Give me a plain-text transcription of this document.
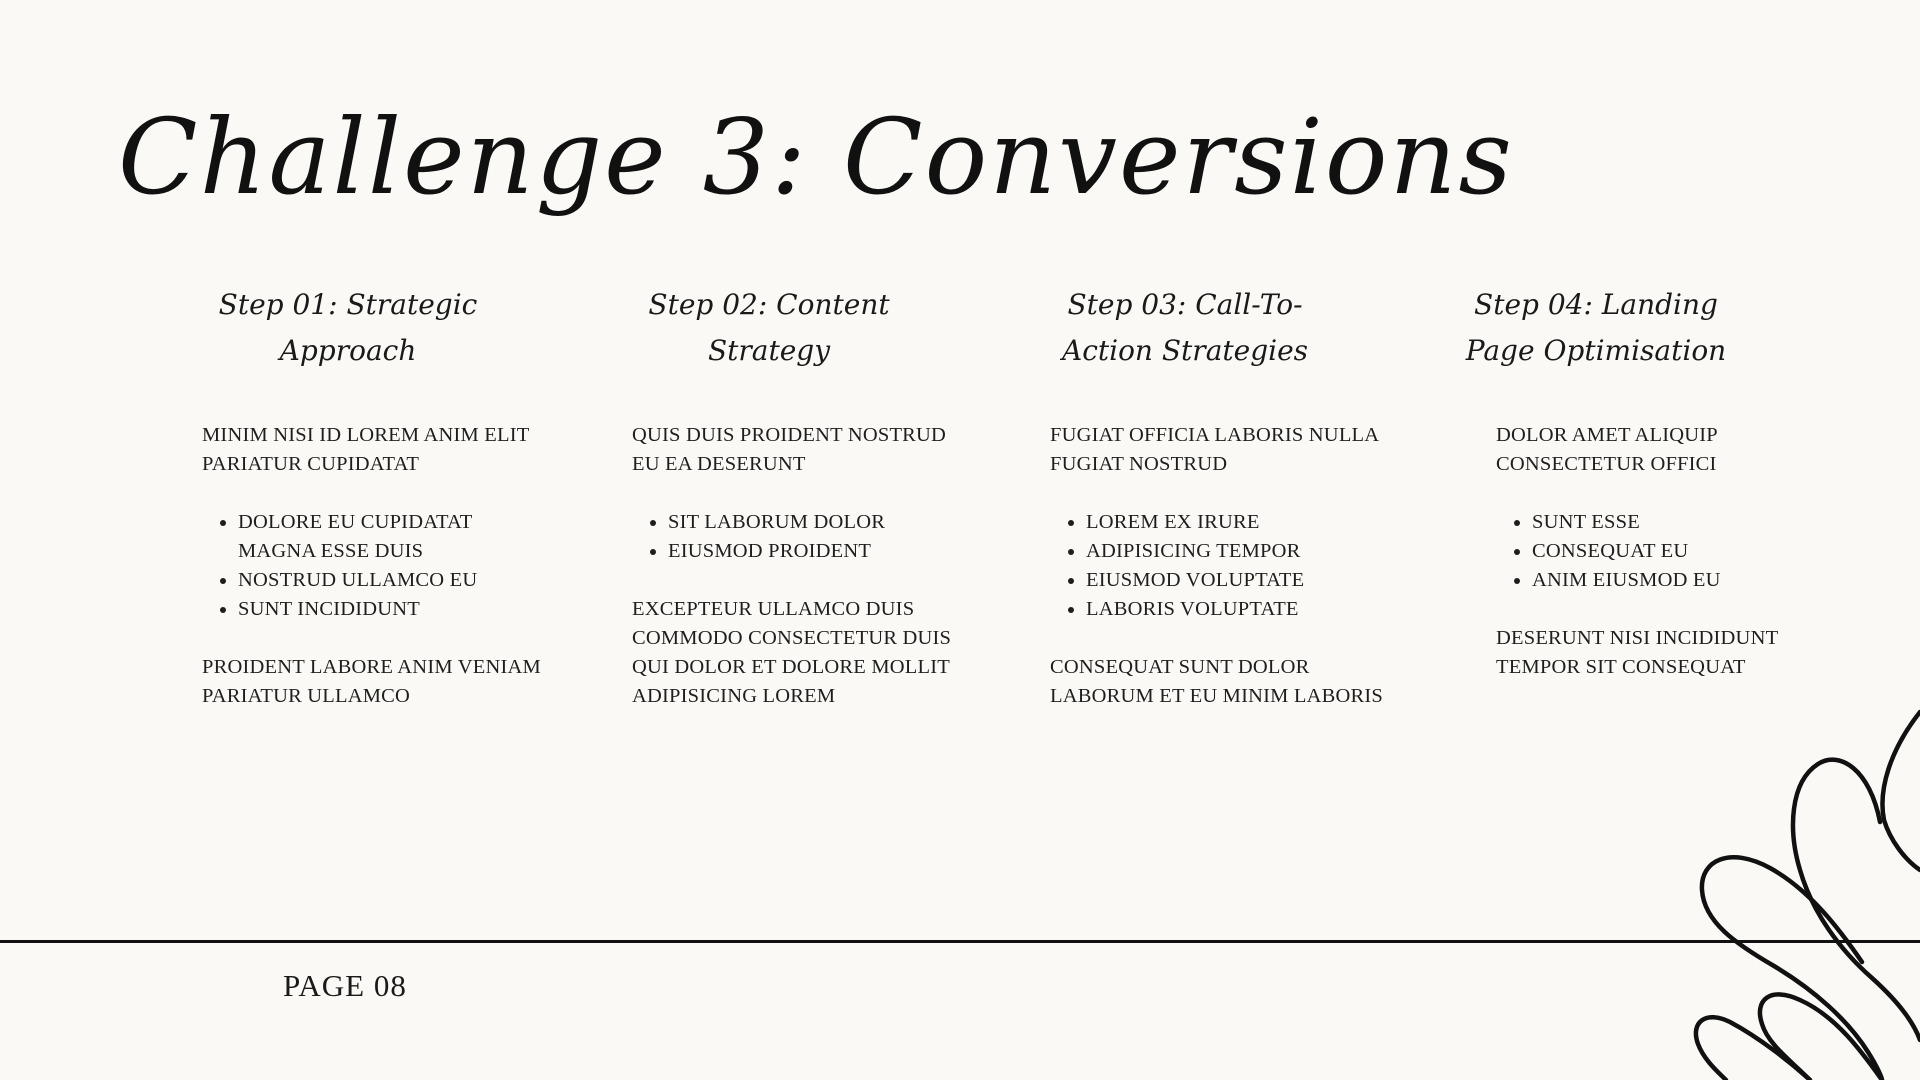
Challenge 3: Conversions
Step 01: Strategic
Approach

MINIM NISI ID LOREM ANIM ELIT PARIATUR CUPIDATAT

• DOLORE EU CUPIDATAT MAGNA ESSE DUIS
• NOSTRUD ULLAMCO EU
• SUNT INCIDIDUNT

PROIDENT LABORE ANIM VENIAM PARIATUR ULLAMCO

Step 02: Content
Strategy

QUIS DUIS PROIDENT NOSTRUD EU EA DESERUNT

• SIT LABORUM DOLOR
• EIUSMOD PROIDENT

EXCEPTEUR ULLAMCO DUIS COMMODO CONSECTETUR DUIS QUI DOLOR ET DOLORE MOLLIT ADIPISICING LOREM

Step 03: Call-To-
Action Strategies

FUGIAT OFFICIA LABORIS NULLA FUGIAT NOSTRUD

• LOREM EX IRURE
• ADIPISICING TEMPOR
• EIUSMOD VOLUPTATE
• LABORIS VOLUPTATE

CONSEQUAT SUNT DOLOR LABORUM ET EU MINIM LABORIS

Step 04: Landing
Page Optimisation

DOLOR AMET ALIQUIP CONSECTETUR OFFICI

• SUNT ESSE
• CONSEQUAT EU
• ANIM EIUSMOD EU

DESERUNT NISI INCIDIDUNT TEMPOR SIT CONSEQUAT

PAGE 08
